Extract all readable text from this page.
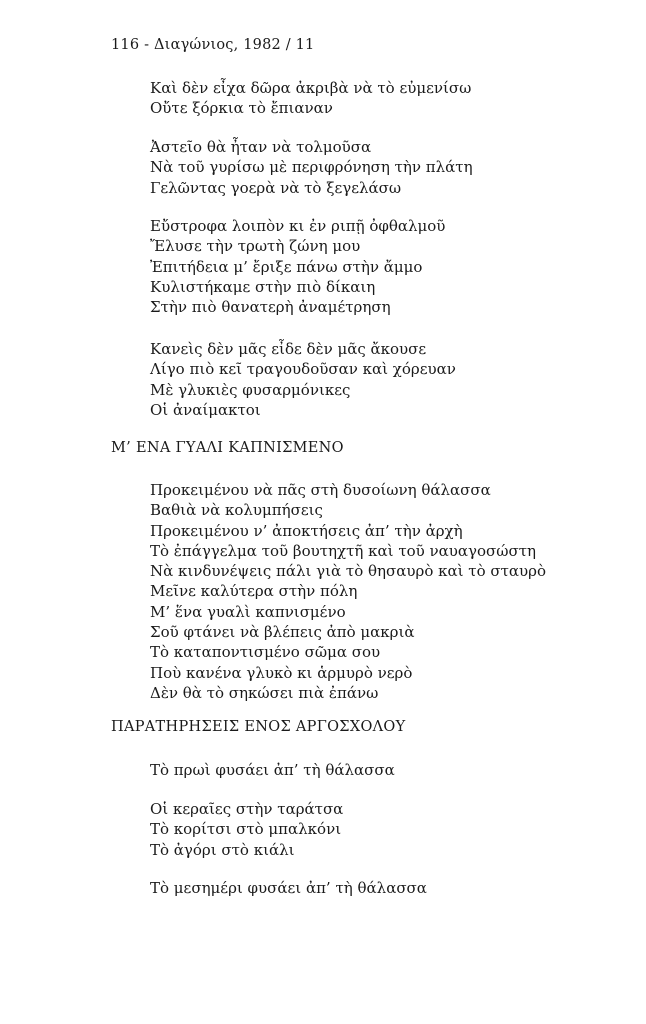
116 - Διαγώνιος, 1982 / 11
Καὶ δὲν εἶχα δῶρα ἀκριβὰ νὰ τὸ εὐμενίσω
Οὔτε ξόρκια τὸ ἔπιαναν
Ἀστεῖο θὰ ἦταν νὰ τολμοῦσα
Νὰ τοῦ γυρίσω μὲ περιφρόνηση τὴν πλάτη
Γελῶντας γοερὰ νὰ τὸ ξεγελάσω
Εὔστροφα λοιπὸν κι ἐν ριπῇ ὀφθαλμοῦ
Ἔλυσε τὴν τρωτὴ ζώνη μου
Ἐπιτήδεια μ’ ἔριξε πάνω στὴν ἄμμο
Κυλιστήκαμε στὴν πιὸ δίκαιη
Στὴν πιὸ θανατερὴ ἀναμέτρηση
Κανεὶς δὲν μᾶς εἶδε δὲν μᾶς ἄκουσε
Λίγο πιὸ κεῖ τραγουδοῦσαν καὶ χόρευαν
Μὲ γλυκιὲς φυσαρμόνικες
Οἱ ἀναίμακτοι
Μ’ ΕΝΑ ΓΥΑΛΙ ΚΑΠΝΙΣΜΕΝΟ
Προκειμένου νὰ πᾶς στὴ δυσοίωνη θάλασσα
Βαθιὰ νὰ κολυμπήσεις
Προκειμένου ν’ ἀποκτήσεις ἀπ’ τὴν ἀρχὴ
Τὸ ἐπάγγελμα τοῦ βουτηχτῆ καὶ τοῦ ναυαγοσώστη
Νὰ κινδυνέψεις πάλι γιὰ τὸ θησαυρὸ καὶ τὸ σταυρὸ
Μεῖνε καλύτερα στὴν πόλη
Μ’ ἕνα γυαλὶ καπνισμένο
Σοῦ φτάνει νὰ βλέπεις ἀπὸ μακριὰ
Τὸ καταποντισμένο σῶμα σου
Ποὺ κανένα γλυκὸ κι ἁρμυρὸ νερὸ
Δὲν θὰ τὸ σηκώσει πιὰ ἐπάνω
ΠΑΡΑΤΗΡΗΣΕΙΣ ΕΝΟΣ ΑΡΓΟΣΧΟΛΟΥ
Τὸ πρωὶ φυσάει ἀπ’ τὴ θάλασσα
Οἱ κεραῖες στὴν ταράτσα
Τὸ κορίτσι στὸ μπαλκόνι
Τὸ ἀγόρι στὸ κιάλι
Τὸ μεσημέρι φυσάει ἀπ’ τὴ θάλασσα
